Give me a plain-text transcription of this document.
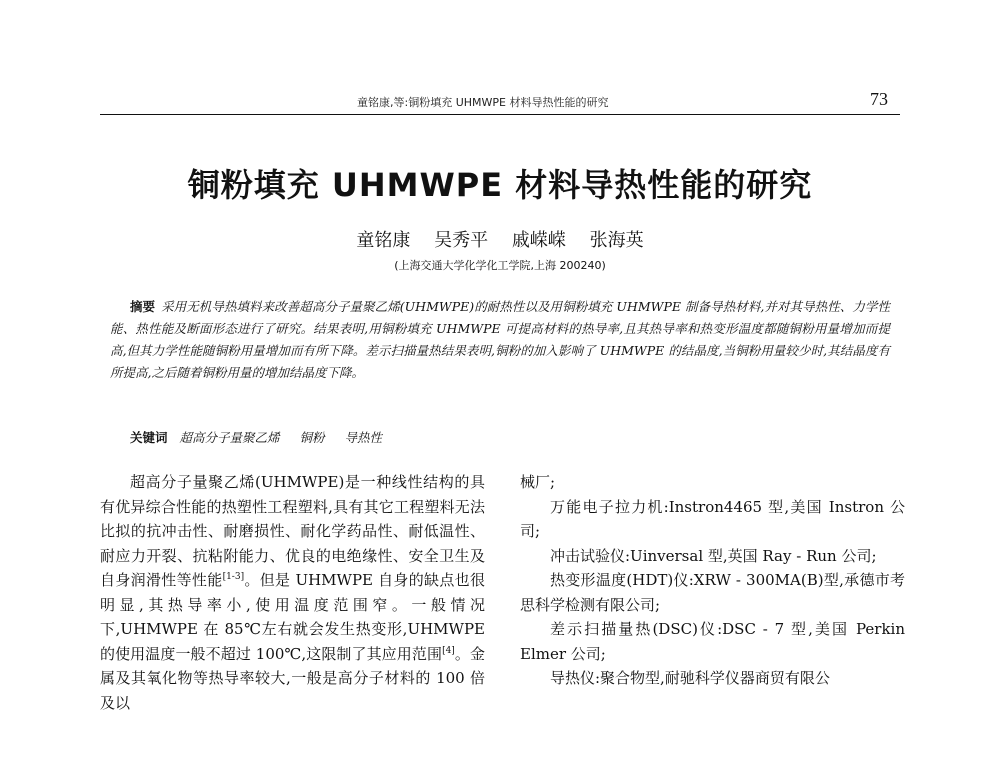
童铭康,等:铜粉填充 UHMWPE 材料导热性能的研究	73
铜粉填充 UHMWPE 材料导热性能的研究
童铭康 吴秀平 戚嵘嵘 张海英
(上海交通大学化学化工学院,上海 200240)
摘要 采用无机导热填料来改善超高分子量聚乙烯(UHMWPE)的耐热性以及用铜粉填充 UHMWPE 制备导热材料,并对其导热性、力学性能、热性能及断面形态进行了研究。结果表明,用铜粉填充 UHMWPE 可提高材料的热导率,且其热导率和热变形温度都随铜粉用量增加而提高,但其力学性能随铜粉用量增加而有所下降。差示扫描量热结果表明,铜粉的加入影响了 UHMWPE 的结晶度,当铜粉用量较少时,其结晶度有所提高,之后随着铜粉用量的增加结晶度下降。
关键词 超高分子量聚乙烯 铜粉 导热性

超高分子量聚乙烯(UHMWPE)是一种线性结构的具有优异综合性能的热塑性工程塑料,具有其它工程塑料无法比拟的抗冲击性、耐磨损性、耐化学药品性、耐低温性、耐应力开裂、抗粘附能力、优良的电绝缘性、安全卫生及自身润滑性等性能[1-3]。但是 UHMWPE 自身的缺点也很明显,其热导率小,使用温度范围窄。一般情况下,UHMWPE 在 85℃左右就会发生热变形,UHMWPE 的使用温度一般不超过 100℃,这限制了其应用范围[4]。金属及其氧化物等热导率较大,一般是高分子材料的 100 倍及以

械厂;

万能电子拉力机:Instron4465 型,美国 Instron 公司;

冲击试验仪:Uinversal 型,英国 Ray - Run 公司;

热变形温度(HDT)仪:XRW - 300MA(B)型,承德市考思科学检测有限公司;

差示扫描量热(DSC)仪:DSC - 7 型,美国 Perkin Elmer 公司;

导热仪:聚合物型,耐驰科学仪器商贸有限公
